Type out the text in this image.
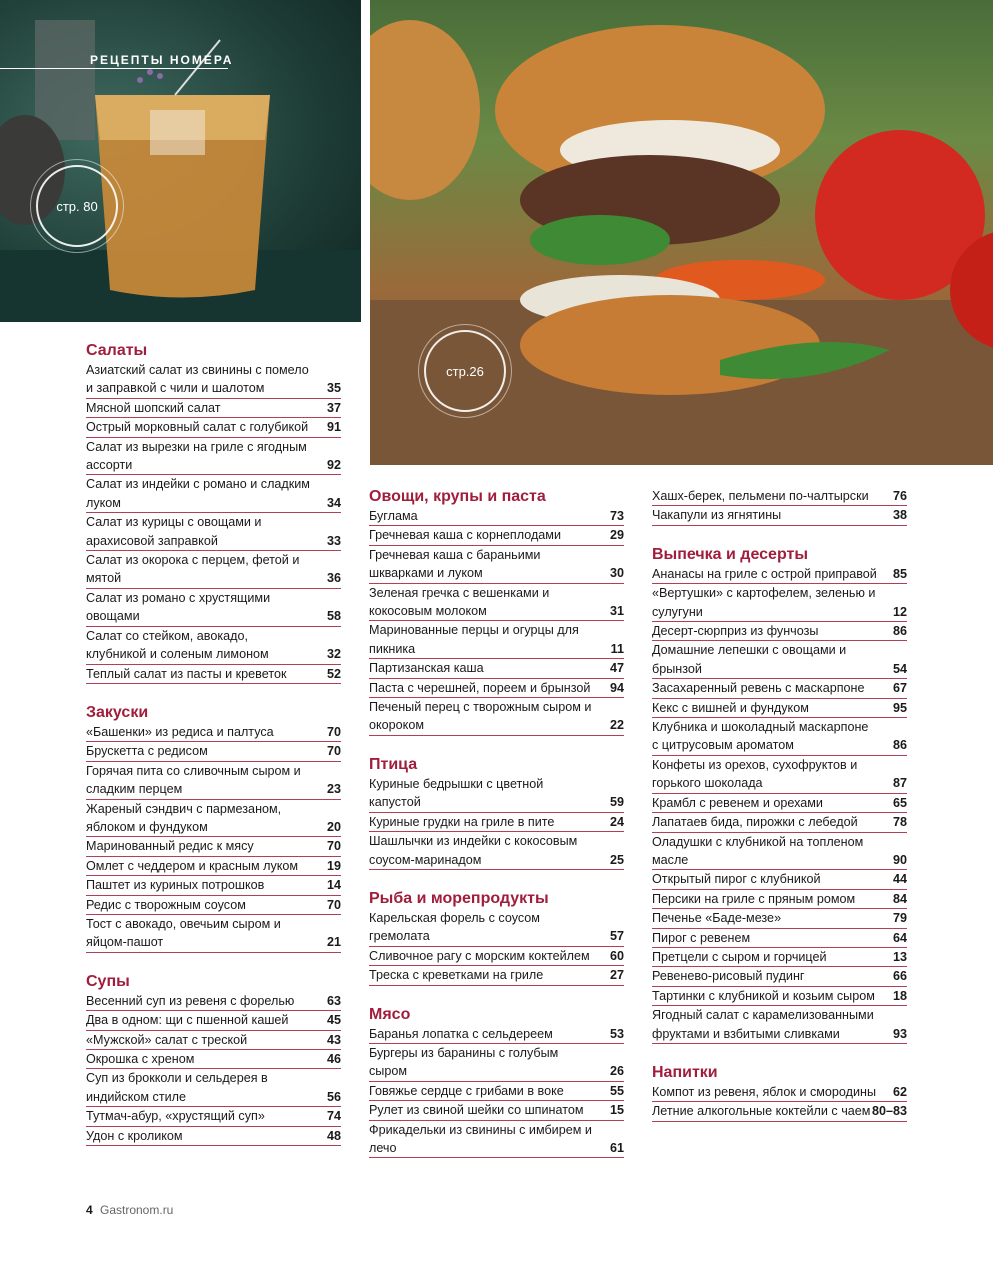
РЕЦЕПТЫ НОМЕРА
стр. 80
стр.26
Салаты
Азиатский салат из свинины с помело и заправкой с чили и шалотом	35
Мясной шопский салат	37
Острый морковный салат с голубикой	91
Салат из вырезки на гриле с ягодным ассорти	92
Салат из индейки с романо и сладким луком	34
Салат из курицы с овощами и арахисовой заправкой	33
Салат из окорока с перцем, фетой и мятой	36
Салат из романо с хрустящими овощами	58
Салат со стейком, авокадо, клубникой и соленым лимоном	32
Теплый салат из пасты и креветок	52
Закуски
«Башенки» из редиса и палтуса	70
Брускетта с редисом	70
Горячая пита со сливочным сыром и сладким перцем	23
Жареный сэндвич с пармезаном, яблоком и фундуком	20
Маринованный редис к мясу	70
Омлет с чеддером и красным луком	19
Паштет из куриных потрошков	14
Редис с творожным соусом	70
Тост с авокадо, овечьим сыром и яйцом-пашот	21
Супы
Весенний суп из ревеня с форелью	63
Два в одном: щи с пшенной кашей	45
«Мужской» салат с треской	43
Окрошка с хреном	46
Суп из брокколи и сельдерея в индийском стиле	56
Тутмач-абур, «хрустящий суп»	74
Удон с кроликом	48
Овощи, крупы и паста
Буглама	73
Гречневая каша с корнеплодами	29
Гречневая каша с бараньими шкварками и луком	30
Зеленая гречка с вешенками и кокосовым молоком	31
Маринованные перцы и огурцы для пикника	11
Партизанская каша	47
Паста с черешней, пореем и брынзой	94
Печеный перец с творожным сыром и окороком	22
Птица
Куриные бедрышки с цветной капустой	59
Куриные грудки на гриле в пите	24
Шашлычки из индейки с кокосовым соусом-маринадом	25
Рыба и морепродукты
Карельская форель с соусом гремолата	57
Сливочное рагу с морским коктейлем	60
Треска с креветками на гриле	27
Мясо
Баранья лопатка с сельдереем	53
Бургеры из баранины с голубым сыром	26
Говяжье сердце с грибами в воке	55
Рулет из свиной шейки со шпинатом	15
Фрикадельки из свинины с имбирем и лечо	61
Хашх-берек, пельмени по-чалтырски	76
Чакапули из ягнятины	38
Выпечка и десерты
Ананасы на гриле с острой приправой	85
«Вертушки» с картофелем, зеленью и сулугуни	12
Десерт-сюрприз из фунчозы	86
Домашние лепешки с овощами и брынзой	54
Засахаренный ревень с маскарпоне	67
Кекс с вишней и фундуком	95
Клубника и шоколадный маскарпоне с цитрусовым ароматом	86
Конфеты из орехов, сухофруктов и горького шоколада	87
Крамбл с ревенем и орехами	65
Лапатаев бида, пирожки с лебедой	78
Оладушки с клубникой на топленом масле	90
Открытый пирог с клубникой	44
Персики на гриле с пряным ромом	84
Печенье «Баде-мезе»	79
Пирог с ревенем	64
Претцели с сыром и горчицей	13
Ревенево-рисовый пудинг	66
Тартинки с клубникой и козьим сыром	18
Ягодный салат с карамелизованными фруктами и взбитыми сливками	93
Напитки
Компот из ревеня, яблок и смородины	62
Летние алкогольные коктейли с чаем 80–83
4 Gastronom.ru
